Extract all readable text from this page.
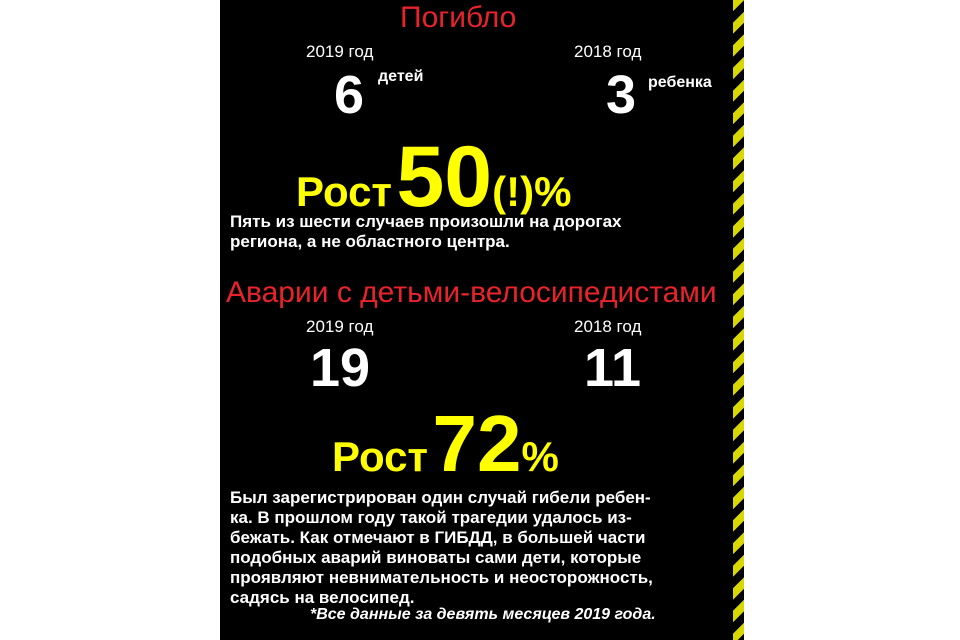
Погибло
2019 год
6 детей
2018 год
3 ребенка
Рост 50(!)%
Пять из шести случаев произошли на дорогах
региона, а не областного центра.
Аварии с детьми-велосипедистами
2019 год
19
2018 год
11
Рост 72%
Был зарегистрирован один случай гибели ребен-
ка. В прошлом году такой трагедии удалось из-
бежать. Как отмечают в ГИБДД, в большей части
подобных аварий виноваты сами дети, которые
проявляют невнимательность и неосторожность,
садясь на велосипед.
*Все данные за девять месяцев 2019 года.
